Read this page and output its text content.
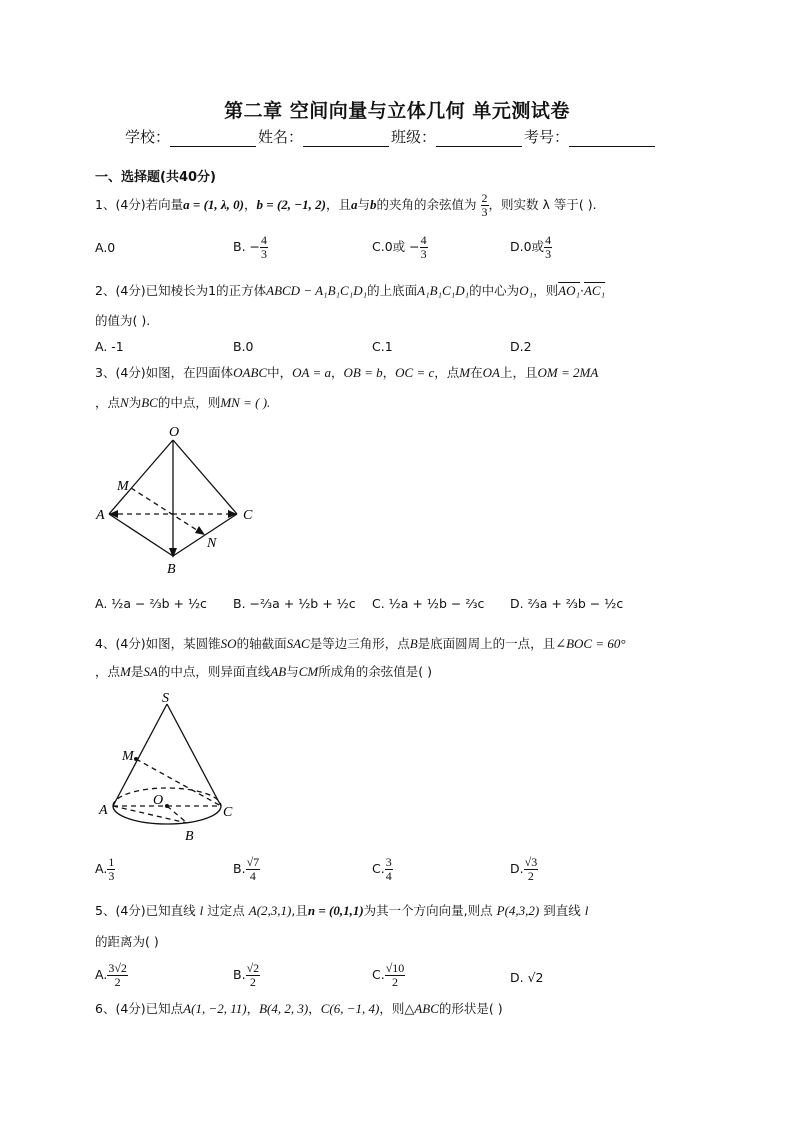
第二章 空间向量与立体几何 单元测试卷
学校：	姓名：	班级：	考号：
一、选择题(共40分)
1、(4分)若向量a = (1, λ, 0)，b = (2, −1, 2)，且a与b的夹角的余弦值为 $\frac{2}{3}$ ，则实数 λ 等于( ).
A.0	B. − $\frac{4}{3}$	C.0或 − $\frac{4}{3}$	D.0或 $\frac{4}{3}$
2、(4分)已知棱长为1的正方体ABCD − A₁B₁C₁D₁的上底面A₁B₁C₁D₁的中心为O₁，则AO₁·AC₁
的值为( ).
A. -1	B.0	C.1	D.2
3、(4分)如图，在四面体OABC中，OA = a，OB = b，OC = c，点M在OA上，且OM = 2MA
，点N为BC的中点，则MN = ( ).
O
A
B
C
M
N
A. ½a − ⅔b + ½c B. −⅔a + ½b + ½c C. ½a + ½b − ⅔c D. ⅔a + ⅔b − ½c
4、(4分)如图，某圆锥SO的轴截面SAC是等边三角形，点B是底面圆周上的一点，且∠BOC = 60°
，点M是SA的中点，则异面直线AB与CM所成角的余弦值是( )
S
M
A
O
C
B
A. $\frac{1}{3}$	B. $\frac{√7}{4}$	C. $\frac{3}{4}$	D. $\frac{√3}{2}$
5、(4分)已知直线 l 过定点 A(2,3,1),且n = (0,1,1)为其一个方向向量,则点 P(4,3,2) 到直线 l
的距离为( )
A. $\frac{3√2}{2}$	B. $\frac{√2}{2}$	C. $\frac{√10}{2}$	D. √2
6、(4分)已知点A(1, −2, 11)，B(4, 2, 3)，C(6, −1, 4)，则△ABC的形状是( )
